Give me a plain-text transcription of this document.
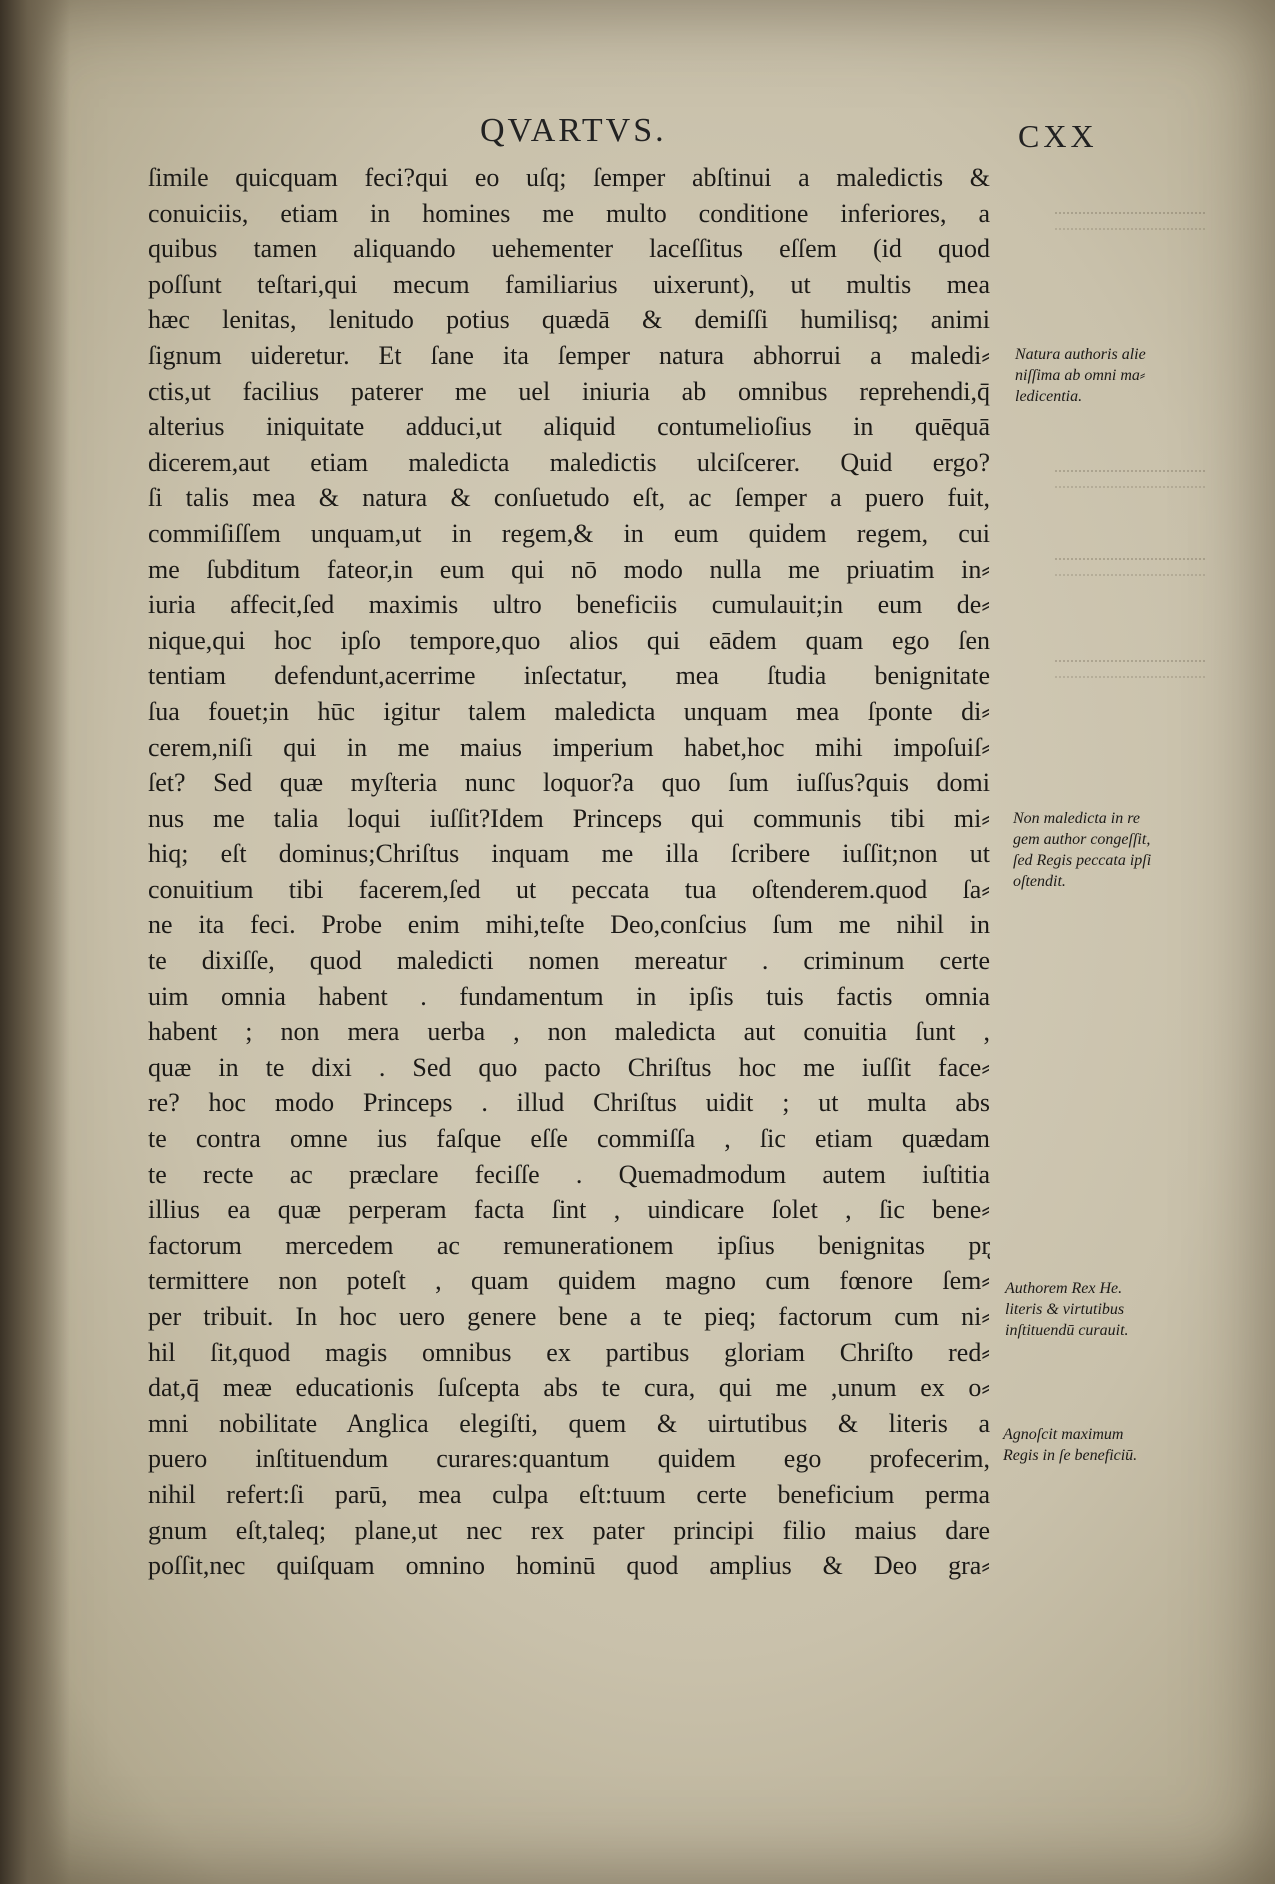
QVARTVS.	CXX
ſimile quicquam feci?qui eo uſq; ſemper abſtinui a maledictis &
conuiciis, etiam in homines me multo conditione inferiores, a
quibus tamen aliquando uehementer laceſſitus eſſem (id quod
poſſunt teſtari,qui mecum familiarius uixerunt), ut multis mea
hæc lenitas, lenitudo potius quædā & demiſſi humilisq; animi
ſignum uideretur. Et ſane ita ſemper natura abhorrui a maledi⸗
ctis,ut facilius paterer me uel iniuria ab omnibus reprehendi,q̄
alterius iniquitate adduci,ut aliquid contumelioſius in quēquā
dicerem,aut etiam maledicta maledictis ulciſcerer. Quid ergo?
ſi talis mea & natura & conſuetudo eſt, ac ſemper a puero fuit,
commiſiſſem unquam,ut in regem,& in eum quidem regem, cui
me ſubditum fateor,in eum qui nō modo nulla me priuatim in⸗
iuria affecit,ſed maximis ultro beneficiis cumulauit;in eum de⸗
nique,qui hoc ipſo tempore,quo alios qui eādem quam ego ſen
tentiam defendunt,acerrime inſectatur, mea ſtudia benignitate
ſua fouet;in hūc igitur talem maledicta unquam mea ſponte di⸗
cerem,niſi qui in me maius imperium habet,hoc mihi impoſuiſ⸗
ſet? Sed quæ myſteria nunc loquor?a quo ſum iuſſus?quis domi
nus me talia loqui iuſſit?Idem Princeps qui communis tibi mi⸗
hiq; eſt dominus;Chriſtus inquam me illa ſcribere iuſſit;non ut
conuitium tibi facerem,ſed ut peccata tua oſtenderem.quod ſa⸗
ne ita feci. Probe enim mihi,teſte Deo,conſcius ſum me nihil in
te dixiſſe, quod maledicti nomen mereatur . criminum certe
uim omnia habent . fundamentum in ipſis tuis factis omnia
habent ; non mera uerba , non maledicta aut conuitia ſunt ,
quæ in te dixi . Sed quo pacto Chriſtus hoc me iuſſit face⸗
re? hoc modo Princeps . illud Chriſtus uidit ; ut multa abs
te contra omne ius faſque eſſe commiſſa , ſic etiam quædam
te recte ac præclare feciſſe . Quemadmodum autem iuſtitia
illius ea quæ perperam facta ſint , uindicare ſolet , ſic bene⸗
factorum mercedem ac remunerationem ipſius benignitas pr̨
termittere non poteſt , quam quidem magno cum fœnore ſem⸗
per tribuit. In hoc uero genere bene a te pieq; factorum cum ni⸗
hil ſit,quod magis omnibus ex partibus gloriam Chriſto red⸗
dat,q̄ meæ educationis ſuſcepta abs te cura, qui me ,unum ex o⸗
mni nobilitate Anglica elegiſti, quem & uirtutibus & literis a
puero inſtituendum curares:quantum quidem ego profecerim,
nihil refert:ſi parū, mea culpa eſt:tuum certe beneficium perma
gnum eſt,taleq; plane,ut nec rex pater principi filio maius dare
poſſit,nec quiſquam omnino hominū quod amplius & Deo gra⸗
Natura authoris alie
niſſima ab omni ma⸗
ledicentia.
Non maledicta in re
gem author congeſſit,
ſed Regis peccata ipſi
oſtendit.
Authorem Rex He.
literis & virtutibus
inſtituendū curauit.
Agnoſcit maximum
Regis in ſe beneficiū.
